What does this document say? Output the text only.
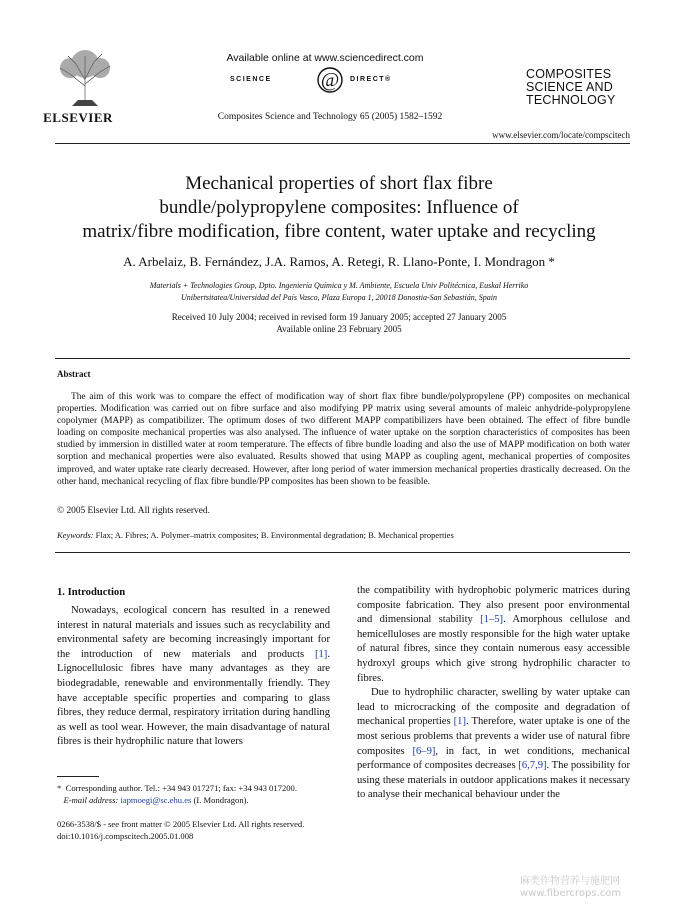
ELSEVIER
Available online at www.sciencedirect.com
SCIENCE @ DIRECT®
Composites Science and Technology 65 (2005) 1582–1592
COMPOSITES
SCIENCE AND
TECHNOLOGY
www.elsevier.com/locate/compscitech
Mechanical properties of short flax fibre
bundle/polypropylene composites: Influence of
matrix/fibre modification, fibre content, water uptake and recycling
A. Arbelaiz, B. Fernández, J.A. Ramos, A. Retegi, R. Llano-Ponte, I. Mondragon *
Materials + Technologies Group, Dpto. Ingeniería Química y M. Ambiente, Escuela Univ Politécnica, Euskal Herriko
Unibertsitatea/Universidad del País Vasco, Plaza Europa 1, 20018 Donostia-San Sebastián, Spain
Received 10 July 2004; received in revised form 19 January 2005; accepted 27 January 2005
Available online 23 February 2005
Abstract

The aim of this work was to compare the effect of modification way of short flax fibre bundle/polypropylene (PP) composites on mechanical properties. Modification was carried out on fibre surface and also modifying PP matrix using several amounts of maleic anhydride-polypropylene copolymer (MAPP) as compatibilizer. The optimum doses of two different MAPP compatibilizers have been obtained. The effect of fibre bundle loading on composite mechanical properties was also analysed. The influence of water uptake on the sorption characteristics of composites has been studied by immersion in distilled water at room temperature. The effects of fibre bundle loading and also the use of MAPP modification on both water sorption and mechanical properties were also evaluated. Results showed that using MAPP as coupling agent, mechanical properties of composites improved, and water uptake rate clearly decreased. However, after long period of water immersion mechanical properties drastically decreased. On the other hand, mechanical recycling of flax fibre bundle/PP composites has been shown to be feasible.

© 2005 Elsevier Ltd. All rights reserved.
Keywords: Flax; A. Fibres; A. Polymer–matrix composites; B. Environmental degradation; B. Mechanical properties
1. Introduction

Nowadays, ecological concern has resulted in a renewed interest in natural materials and issues such as recyclability and environmental safety are becoming increasingly important for the introduction of new materials and products [1]. Lignocellulosic fibres have many advantages as they are biodegradable, renewable and environmentally friendly. They have acceptable specific properties and comparing to glass fibres, they reduce dermal, respiratory irritation during handling as well as tool wear. However, the main disadvantage of natural fibres is their hydrophilic nature that lowers

the compatibility with hydrophobic polymeric matrices during composite fabrication. They also present poor environmental and dimensional stability [1–5]. Amorphous cellulose and hemicelluloses are mostly responsible for the high water uptake of natural fibres, since they contain numerous easy accessible hydroxyl groups which give strong hydrophilic character to fibres.

Due to hydrophilic character, swelling by water uptake can lead to microcracking of the composite and degradation of mechanical properties [1]. Therefore, water uptake is one of the most serious problems that prevents a wider use of natural fibre composites [6–9], in fact, in wet conditions, mechanical performance of composites decreases [6,7,9]. The possibility for using these materials in outdoor applications makes it necessary to analyse their mechanical behaviour under the

* Corresponding author. Tel.: +34 943 017271; fax: +34 943 017200.
E-mail address: iapmoegi@sc.ehu.es (I. Mondragon).
0266-3538/$ - see front matter © 2005 Elsevier Ltd. All rights reserved.
doi:10.1016/j.compscitech.2005.01.008
麻类作物营养与施肥网
www.fibercrops.com
